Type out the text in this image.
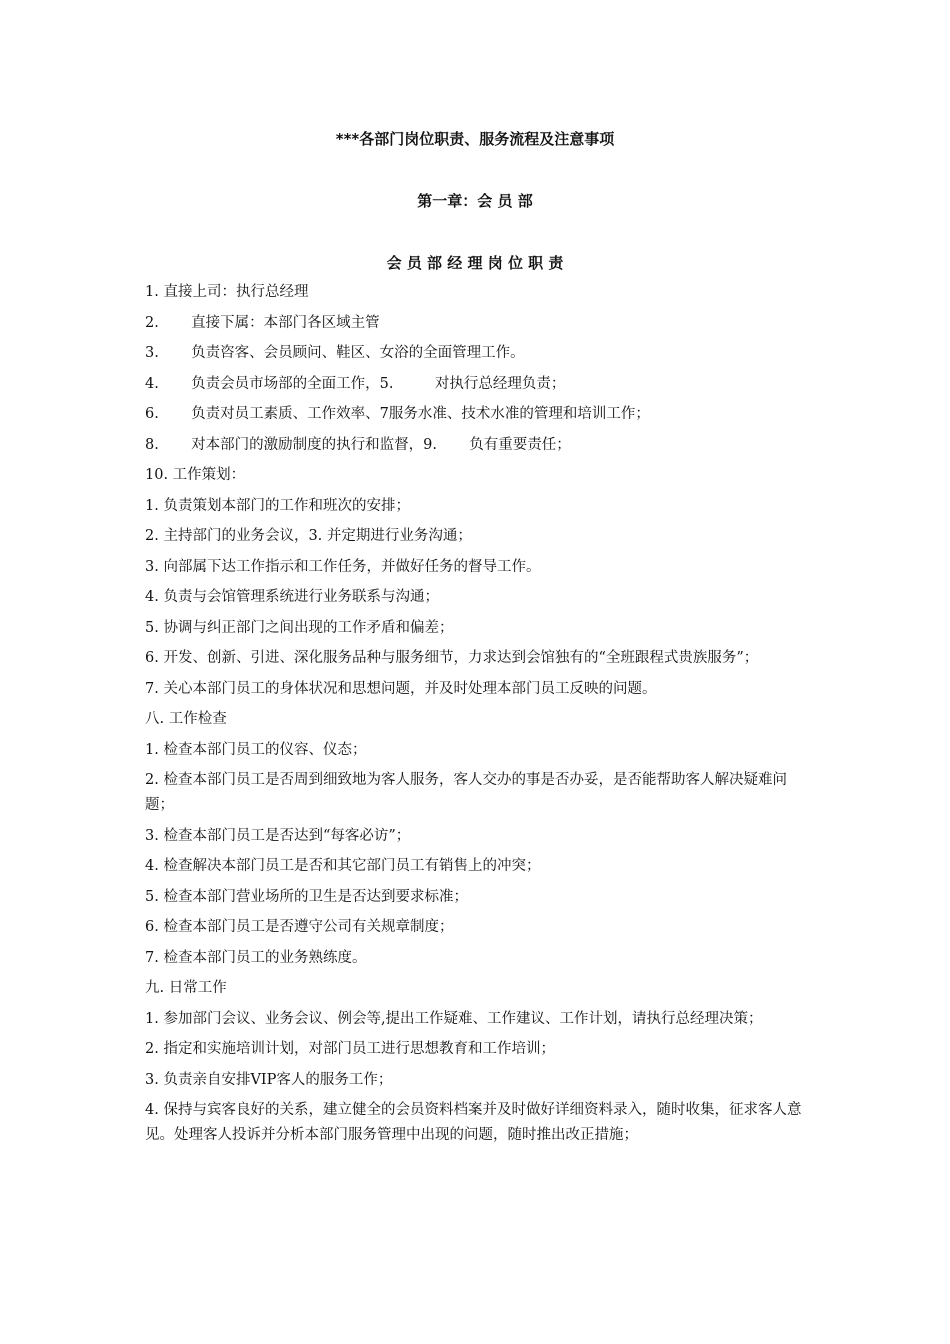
***各部门岗位职责、服务流程及注意事项
第一章：会 员 部
会 员 部 经 理 岗 位 职 责

1. 直接上司：执行总经理

2.       直接下属：本部门各区域主管

3.       负责咨客、会员顾问、鞋区、女浴的全面管理工作。

4.       负责会员市场部的全面工作，5.         对执行总经理负责；

6.       负责对员工素质、工作效率、7服务水准、技术水准的管理和培训工作；

8.       对本部门的激励制度的执行和监督，9.       负有重要责任；

10. 工作策划：

1. 负责策划本部门的工作和班次的安排；

2. 主持部门的业务会议，3. 并定期进行业务沟通；

3. 向部属下达工作指示和工作任务，并做好任务的督导工作。

4. 负责与会馆管理系统进行业务联系与沟通；

5. 协调与纠正部门之间出现的工作矛盾和偏差；

6. 开发、创新、引进、深化服务品种与服务细节，力求达到会馆独有的“全班跟程式贵族服务”；

7. 关心本部门员工的身体状况和思想问题，并及时处理本部门员工反映的问题。

八. 工作检查

1. 检查本部门员工的仪容、仪态；

2. 检查本部门员工是否周到细致地为客人服务，客人交办的事是否办妥，是否能帮助客人解决疑难问题；

3. 检查本部门员工是否达到“每客必访”；

4. 检查解决本部门员工是否和其它部门员工有销售上的冲突；

5. 检查本部门营业场所的卫生是否达到要求标准；

6. 检查本部门员工是否遵守公司有关规章制度；

7. 检查本部门员工的业务熟练度。

九. 日常工作

1. 参加部门会议、业务会议、例会等,提出工作疑难、工作建议、工作计划，请执行总经理决策；

2. 指定和实施培训计划，对部门员工进行思想教育和工作培训；

3. 负责亲自安排VIP客人的服务工作；

4. 保持与宾客良好的关系，建立健全的会员资料档案并及时做好详细资料录入，随时收集，征求客人意见。处理客人投诉并分析本部门服务管理中出现的问题，随时推出改正措施；
